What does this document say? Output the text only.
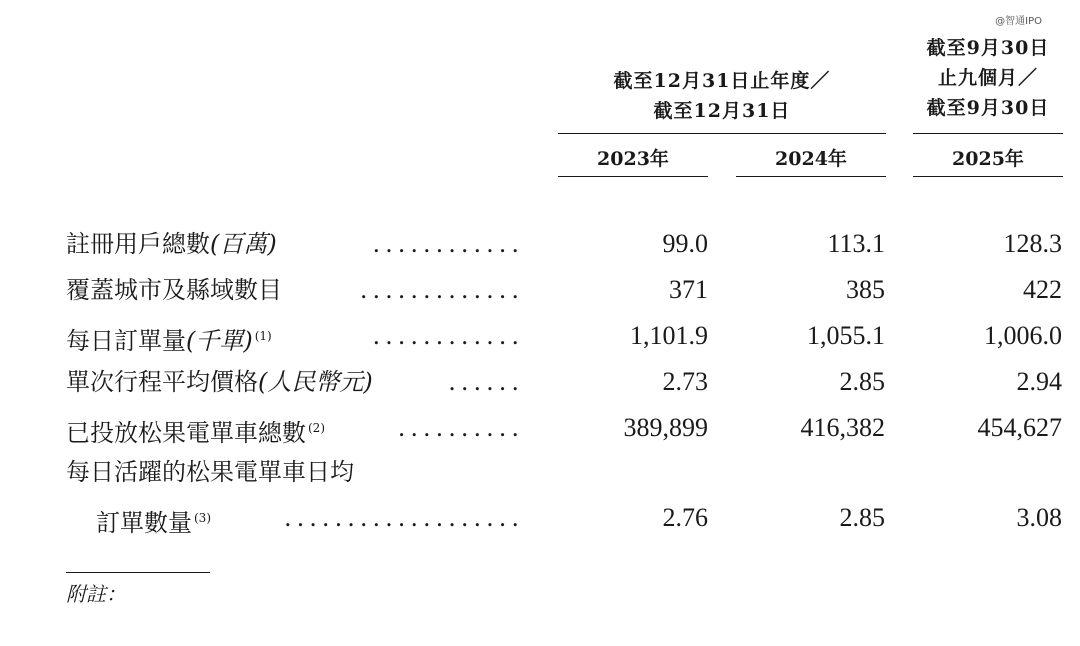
@智通IPO
截至12月31日止年度／
截至12月31日
截至9月30日
止九個月／
截至9月30日
2023年	2024年	2025年
註冊用戶總數(百萬)	............	99.0	113.1	128.3
覆蓋城市及縣域數目	.............	371	385	422
每日訂單量(千單) $^{(1)}$	............	1,101.9	1,055.1	1,006.0
單次行程平均價格(人民幣元)	......	2.73	2.85	2.94
已投放松果電單車總數 $^{(2)}$	..........	389,899	416,382	454,627
每日活躍的松果電單車日均
訂單數量 $^{(3)}$	...................	2.76	2.85	3.08
附註：
